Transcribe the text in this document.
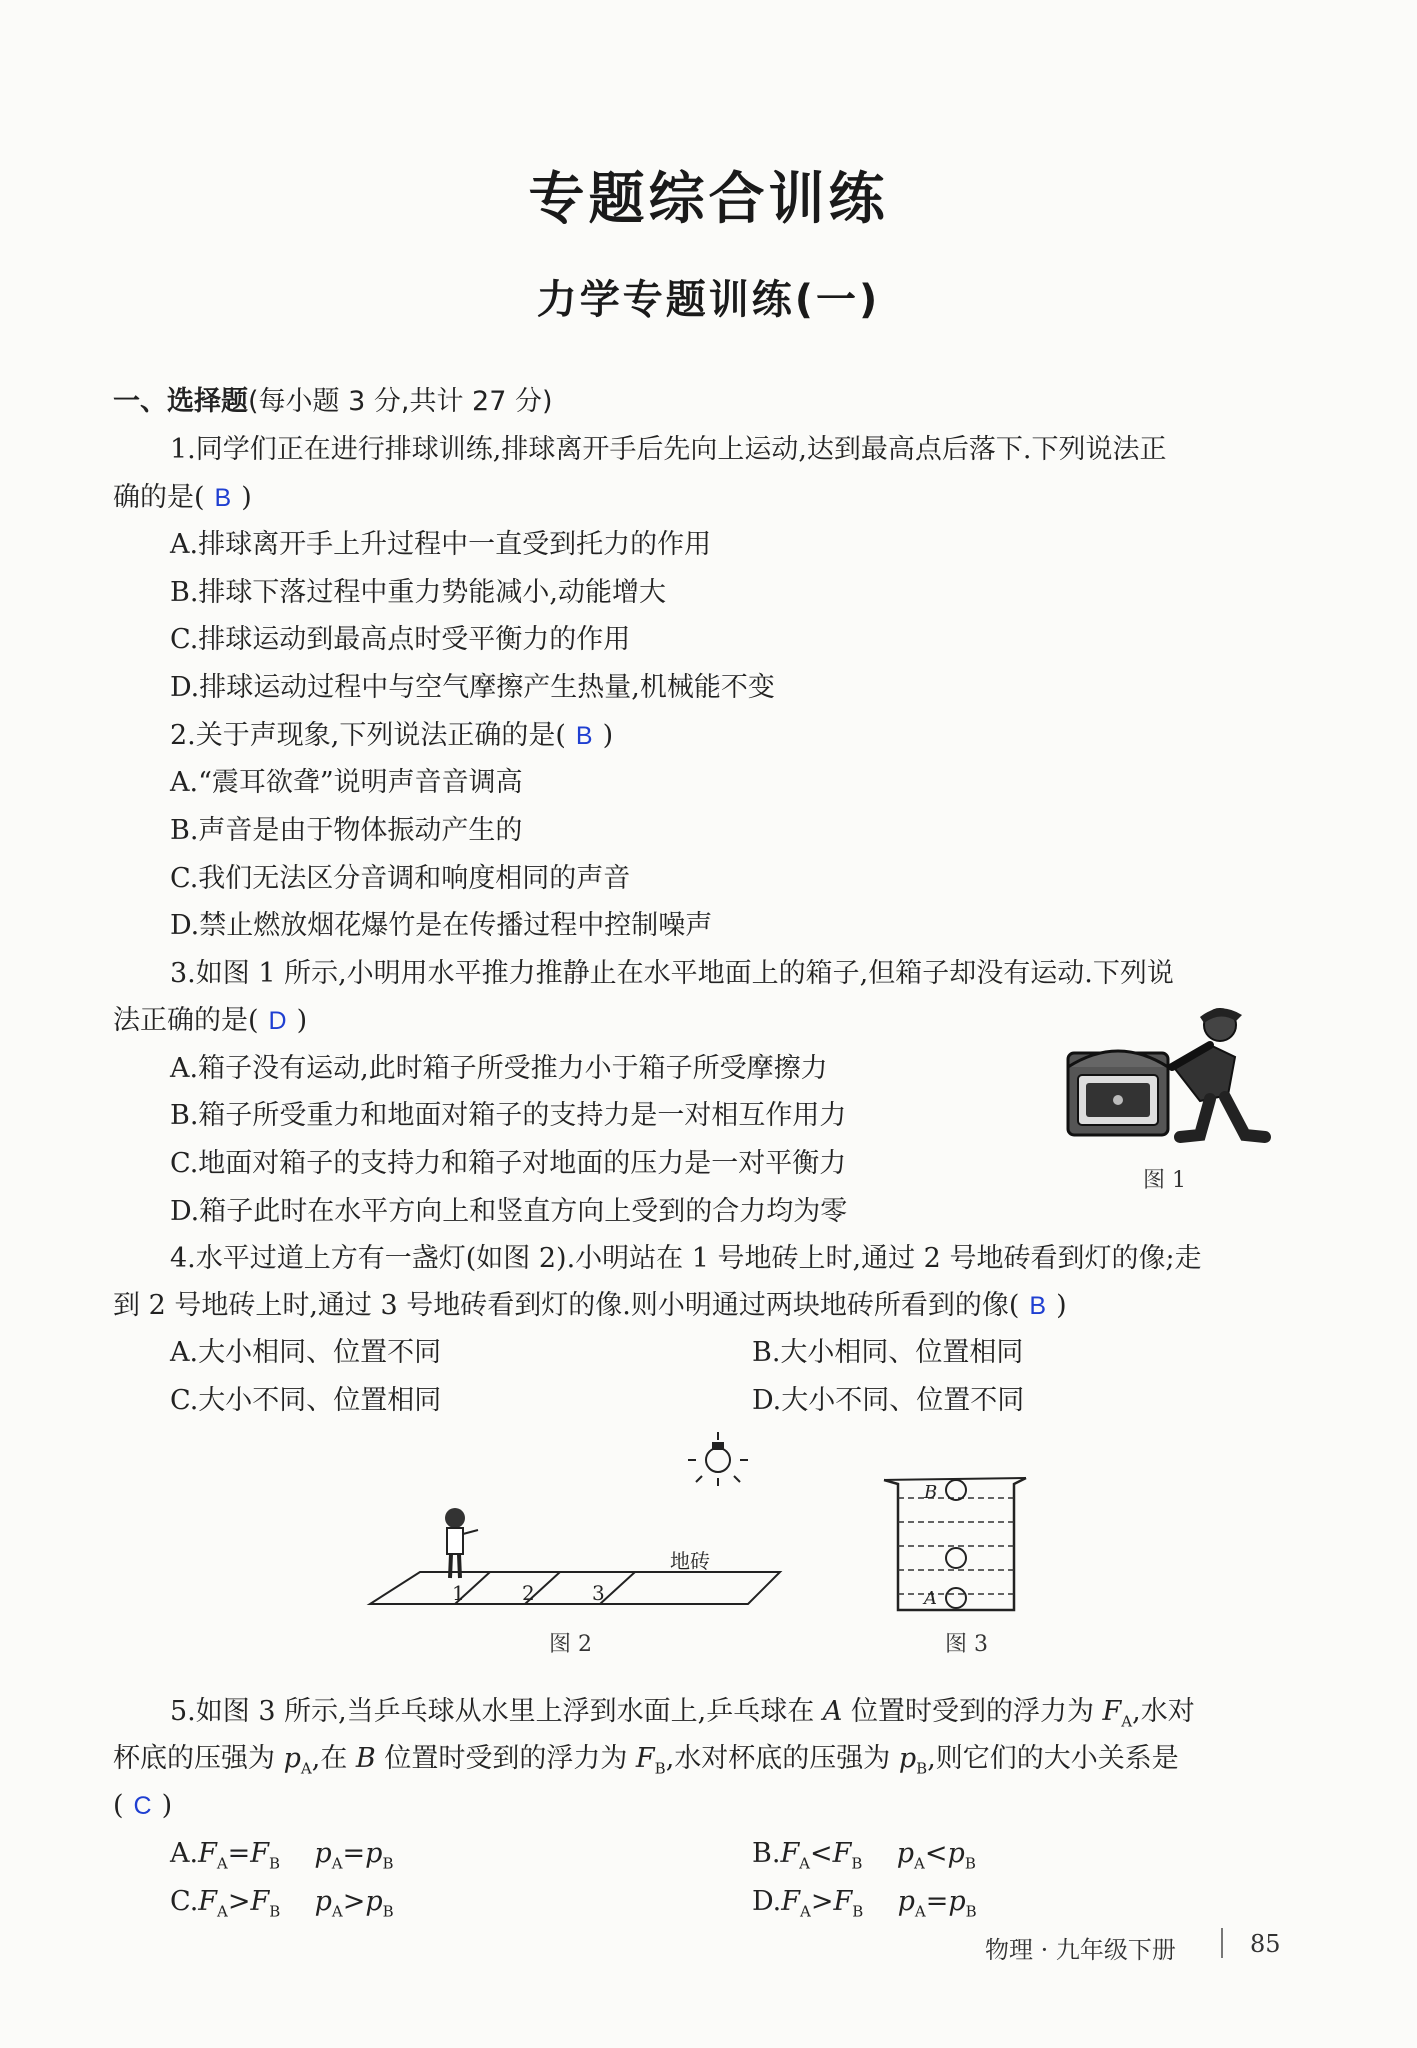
专题综合训练
力学专题训练(一)
一、选择题(每小题 3 分,共计 27 分)
1.同学们正在进行排球训练,排球离开手后先向上运动,达到最高点后落下.下列说法正
确的是( B )
A.排球离开手上升过程中一直受到托力的作用
B.排球下落过程中重力势能减小,动能增大
C.排球运动到最高点时受平衡力的作用
D.排球运动过程中与空气摩擦产生热量,机械能不变
2.关于声现象,下列说法正确的是( B )
A.“震耳欲聋”说明声音音调高
B.声音是由于物体振动产生的
C.我们无法区分音调和响度相同的声音
D.禁止燃放烟花爆竹是在传播过程中控制噪声
3.如图 1 所示,小明用水平推力推静止在水平地面上的箱子,但箱子却没有运动.下列说
法正确的是( D )
A.箱子没有运动,此时箱子所受推力小于箱子所受摩擦力
B.箱子所受重力和地面对箱子的支持力是一对相互作用力
C.地面对箱子的支持力和箱子对地面的压力是一对平衡力
D.箱子此时在水平方向上和竖直方向上受到的合力均为零
图 1
4.水平过道上方有一盏灯(如图 2).小明站在 1 号地砖上时,通过 2 号地砖看到灯的像;走
到 2 号地砖上时,通过 3 号地砖看到灯的像.则小明通过两块地砖所看到的像( B )
A.大小相同、位置不同	B.大小相同、位置相同
C.大小不同、位置相同	D.大小不同、位置不同
1	2	3
地砖
图 2
B
A
图 3
5.如图 3 所示,当乒乓球从水里上浮到水面上,乒乓球在 A 位置时受到的浮力为 $F_A$,水对
杯底的压强为 $p_A$,在 B 位置时受到的浮力为 $F_B$,水对杯底的压强为 $p_B$,则它们的大小关系是
( C )
$A.F_A=F_B$ $p_A=p_B$	$B.F_A<F_B$ $p_A<p_B$
$C.F_A>F_B$ $p_A>p_B$	$D.F_A>F_B$ $p_A=p_B$
物理 · 九年级下册	85
